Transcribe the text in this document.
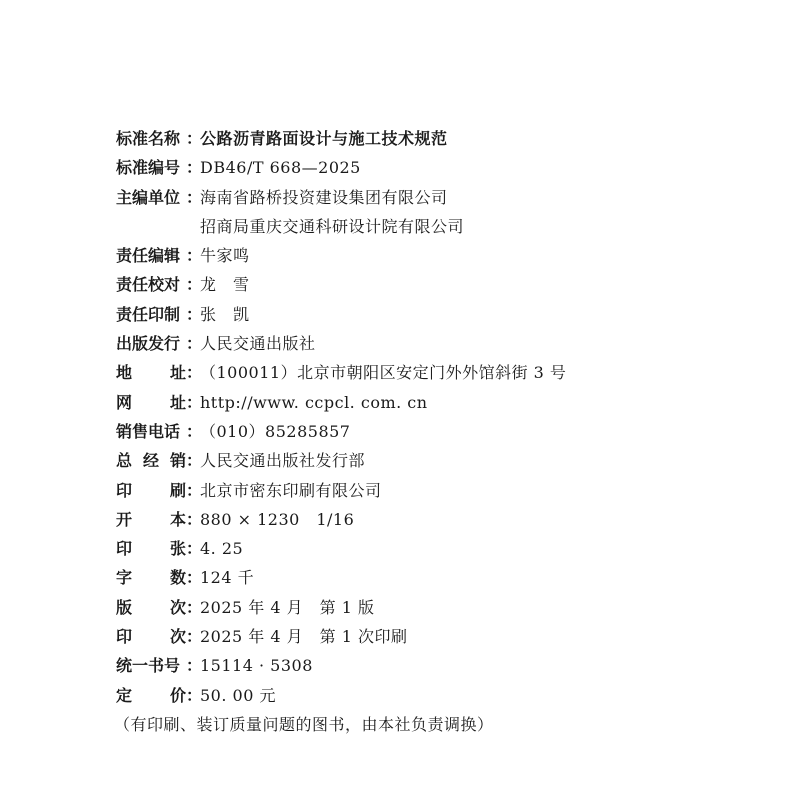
标准名称 ：
公路沥青路面设计与施工技术规范
标准编号 ：
DB46/T 668—2025
主编单位 ：
海南省路桥投资建设集团有限公司
招商局重庆交通科研设计院有限公司
责任编辑 ：
牛家鸣
责任校对 ：
龙　雪
责任印制 ：
张　凯
出版发行 ：
人民交通出版社
地 址 ：
（100011）北京市朝阳区安定门外外馆斜街 3 号
网 址 ：
http://www. ccpcl. com. cn
销售电话 ：
（010）85285857
总 经 销 ：
人民交通出版社发行部
印 刷 ：
北京市密东印刷有限公司
开 本 ：
880 × 1230　1/16
印 张 ：
4. 25
字 数 ：
124 千
版 次 ：
2025 年 4 月　第 1 版
印 次 ：
2025 年 4 月　第 1 次印刷
统一书号 ：
15114 · 5308
定 价 ：
50. 00 元
（有印刷、装订质量问题的图书，由本社负责调换）
